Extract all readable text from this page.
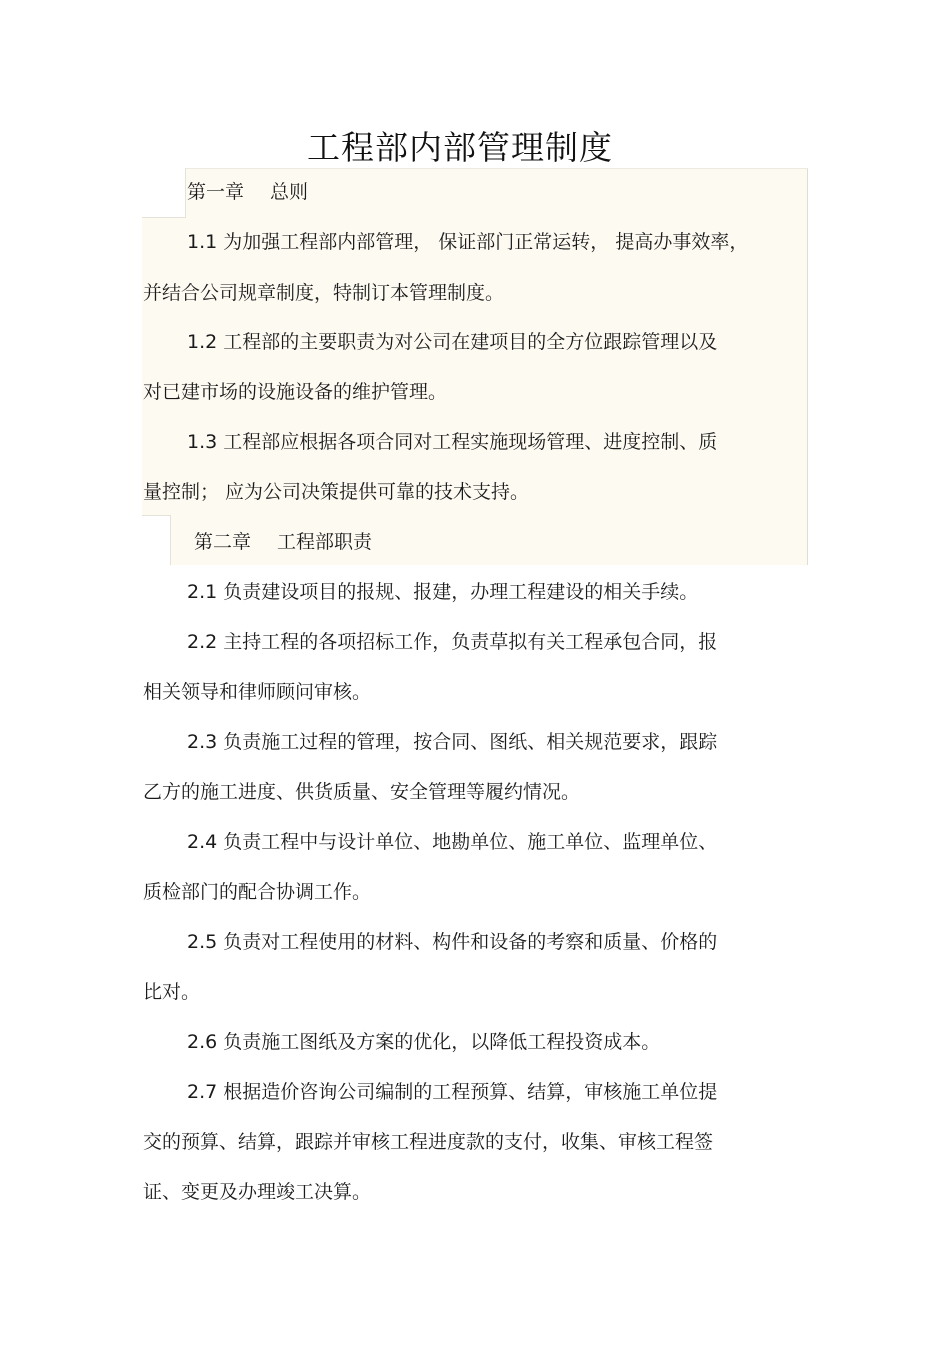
工程部内部管理制度
第一章 总则
1.1 为加强工程部内部管理， 保证部门正常运转， 提高办事效率，
并结合公司规章制度，特制订本管理制度。
1.2 工程部的主要职责为对公司在建项目的全方位跟踪管理以及
对已建市场的设施设备的维护管理。
1.3 工程部应根据各项合同对工程实施现场管理、进度控制、质
量控制； 应为公司决策提供可靠的技术支持。
第二章 工程部职责
2.1 负责建设项目的报规、报建，办理工程建设的相关手续。
2.2 主持工程的各项招标工作，负责草拟有关工程承包合同，报
相关领导和律师顾问审核。
2.3 负责施工过程的管理，按合同、图纸、相关规范要求，跟踪
乙方的施工进度、供货质量、安全管理等履约情况。
2.4 负责工程中与设计单位、地勘单位、施工单位、监理单位、
质检部门的配合协调工作。
2.5 负责对工程使用的材料、构件和设备的考察和质量、价格的
比对。
2.6 负责施工图纸及方案的优化，以降低工程投资成本。
2.7 根据造价咨询公司编制的工程预算、结算，审核施工单位提
交的预算、结算，跟踪并审核工程进度款的支付，收集、审核工程签
证、变更及办理竣工决算。
